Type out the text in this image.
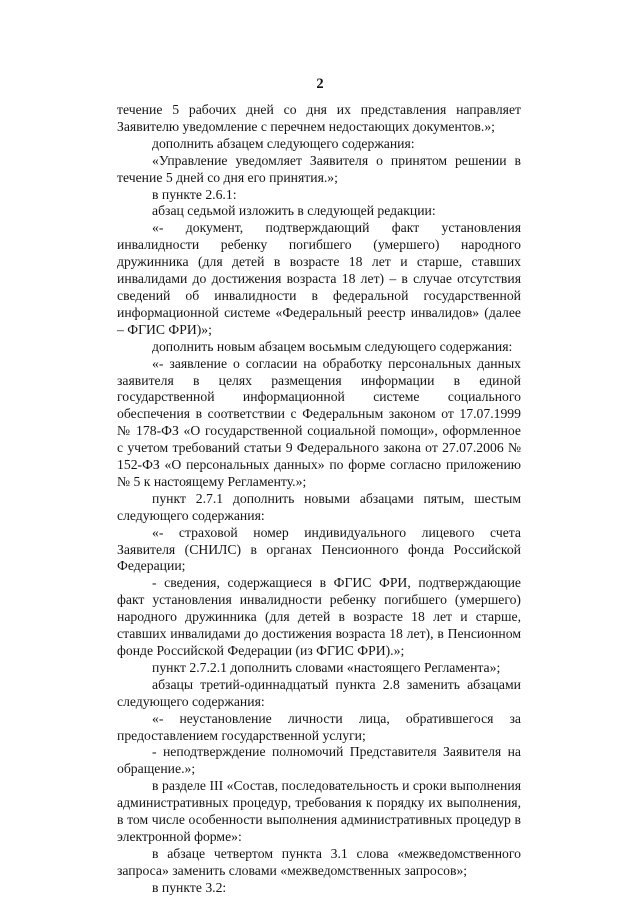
2

течение 5 рабочих дней со дня их представления направляет Заявителю уведомление с перечнем недостающих документов.»;

дополнить абзацем следующего содержания:

«Управление уведомляет Заявителя о принятом решении в течение 5 дней со дня его принятия.»;

в пункте 2.6.1:

абзац седьмой изложить в следующей редакции:

«- документ, подтверждающий факт установления инвалидности ребенку погибшего (умершего) народного дружинника (для детей в возрасте 18 лет и старше, ставших инвалидами до достижения возраста 18 лет) – в случае отсутствия сведений об инвалидности в федеральной государственной информационной системе «Федеральный реестр инвалидов» (далее – ФГИС ФРИ)»;

дополнить новым абзацем восьмым следующего содержания:

«- заявление о согласии на обработку персональных данных заявителя в целях размещения информации в единой государственной информационной системе социального обеспечения в соответствии с Федеральным законом от 17.07.1999 № 178-ФЗ «О государственной социальной помощи», оформленное с учетом требований статьи 9 Федерального закона от 27.07.2006 № 152-ФЗ «О персональных данных» по форме согласно приложению № 5 к настоящему Регламенту.»;

пункт 2.7.1 дополнить новыми абзацами пятым, шестым следующего содержания:

«- страховой номер индивидуального лицевого счета Заявителя (СНИЛС) в органах Пенсионного фонда Российской Федерации;

- сведения, содержащиеся в ФГИС ФРИ, подтверждающие факт установления инвалидности ребенку погибшего (умершего) народного дружинника (для детей в возрасте 18 лет и старше, ставших инвалидами до достижения возраста 18 лет), в Пенсионном фонде Российской Федерации (из ФГИС ФРИ).»;

пункт 2.7.2.1 дополнить словами «настоящего Регламента»;

абзацы третий-одиннадцатый пункта 2.8 заменить абзацами следующего содержания:

«- неустановление личности лица, обратившегося за предоставлением государственной услуги;

- неподтверждение полномочий Представителя Заявителя на обращение.»;

в разделе III «Состав, последовательность и сроки выполнения административных процедур, требования к порядку их выполнения, в том числе особенности выполнения административных процедур в электронной форме»:

в абзаце четвертом пункта 3.1 слова «межведомственного запроса» заменить словами «межведомственных запросов»;

в пункте 3.2:
